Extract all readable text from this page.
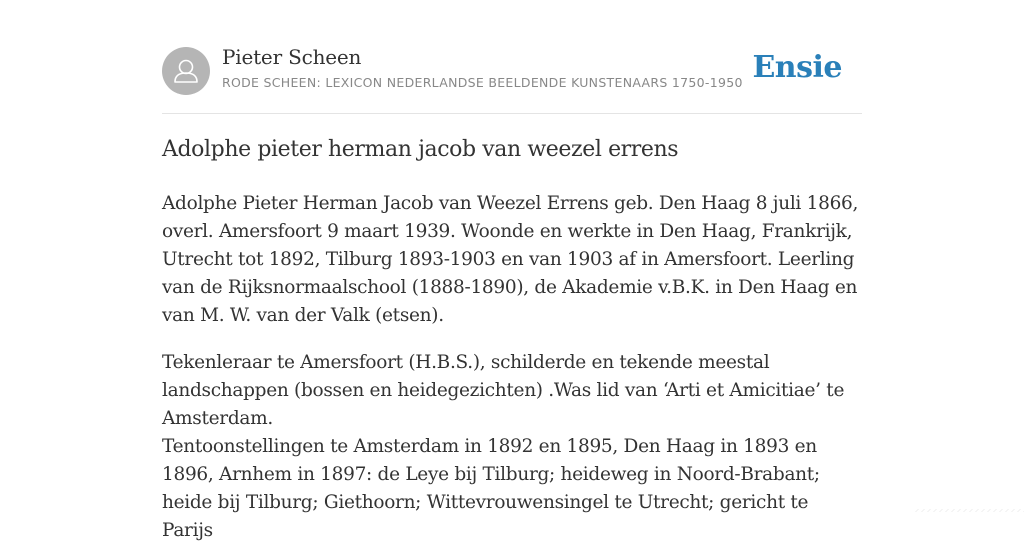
Pieter Scheen
RODE SCHEEN: LEXICON NEDERLANDSE BEELDENDE KUNSTENAARS 1750-1950 Ensie
Adolphe pieter herman jacob van weezel errens

Adolphe Pieter Herman Jacob van Weezel Errens geb. Den Haag 8 juli 1866, overl. Amersfoort 9 maart 1939. Woonde en werkte in Den Haag, Frankrijk, Utrecht tot 1892, Tilburg 1893-1903 en van 1903 af in Amersfoort. Leerling van de Rijksnormaalschool (1888-1890), de Akademie v.B.K. in Den Haag en van M. W. van der Valk (etsen).

Tekenleraar te Amersfoort (H.B.S.), schilderde en tekende meestal landschappen (bossen en heidegezichten) .Was lid van ‘Arti et Amicitiae’ te Amsterdam.

Tentoonstellingen te Amsterdam in 1892 en 1895, Den Haag in 1893 en 1896, Arnhem in 1897: de Leye bij Tilburg; heideweg in Noord-Brabant; heide bij Tilburg; Giethoorn; Wittevrouwensingel te Utrecht; gericht te Parijs
